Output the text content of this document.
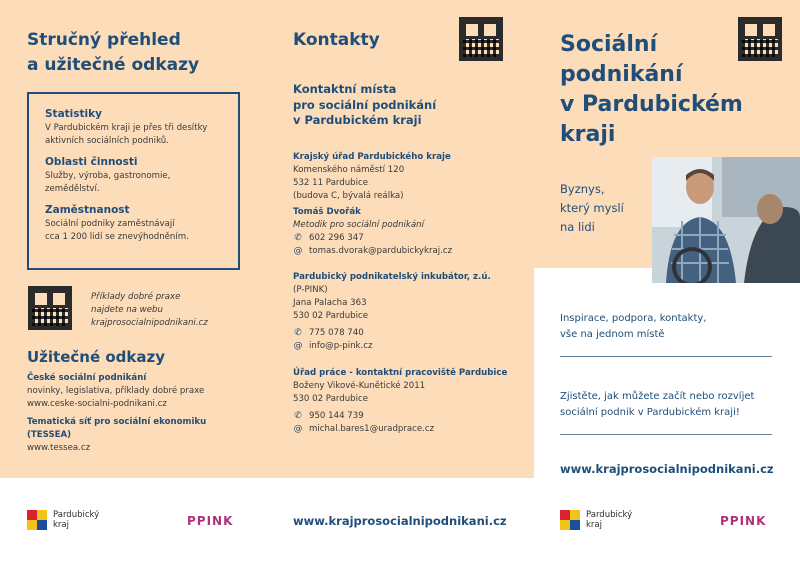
Stručný přehled
a užitečné odkazy
Statistiky
V Pardubickém kraji je přes tři desítky
aktivních sociálních podniků.
Oblasti činnosti
Služby, výroba, gastronomie,
zemědělství.
Zaměstnanost
Sociální podniky zaměstnávají
cca 1 200 lidí se znevýhodněním.
Příklady dobré praxe
najdete na webu
krajprosocialnipodnikani.cz
Užitečné odkazy
České sociální podnikání
novinky, legislativa, příklady dobré praxe
www.ceske-socialni-podnikani.cz
Tematická síť pro sociální ekonomiku
(TESSEA)
www.tessea.cz
Kontakty
Kontaktní místa
pro sociální podnikání
v Pardubickém kraji
Krajský úřad Pardubického kraje
Komenského náměstí 120
532 11 Pardubice
(budova C, bývalá reálka)
Tomáš Dvořák
Metodik pro sociální podnikání
✆ 602 296 347
@ tomas.dvorak@pardubickykraj.cz
Pardubický podnikatelský inkubátor, z.ú.
(P-PINK)
Jana Palacha 363
530 02 Pardubice
✆ 775 078 740
@ info@p-pink.cz
Úřad práce - kontaktní pracoviště Pardubice
Boženy Vikové-Kunětické 2011
530 02 Pardubice
✆ 950 144 739
@ michal.bares1@uradprace.cz
Sociální
podnikání
v Pardubickém
kraji
Byznys,
který myslí
na lidi
Inspirace, podpora, kontakty,
vše na jednom místě
Zjistěte, jak můžete začít nebo rozvíjet
sociální podnik v Pardubickém kraji!
www.krajprosocialnipodnikani.cz
Pardubický
kraj	PPINK	www.krajprosocialnipodnikani.cz	Pardubický
kraj	PPINK
